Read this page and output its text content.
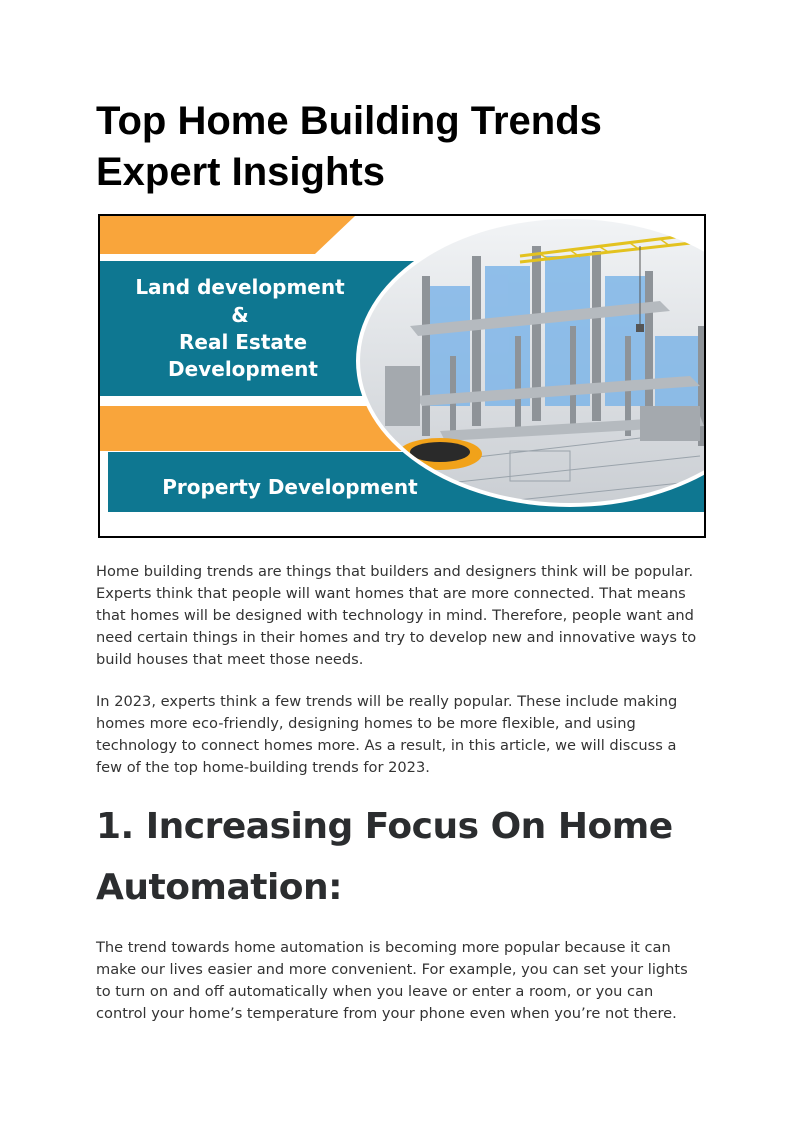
Top Home Building Trends Expert Insights
Land development
&
Real Estate
Development
Property Development

Home building trends are things that builders and designers think will be popular. Experts think that people will want homes that are more connected. That means that homes will be designed with technology in mind. Therefore, people want and need certain things in their homes and try to develop new and innovative ways to build houses that meet those needs.

In 2023, experts think a few trends will be really popular. These include making homes more eco-friendly, designing homes to be more flexible, and using technology to connect homes more. As a result, in this article, we will discuss a few of the top home-building trends for 2023.

1. Increasing Focus On Home Automation:

The trend towards home automation is becoming more popular because it can make our lives easier and more convenient. For example, you can set your lights to turn on and off automatically when you leave or enter a room, or you can control your home’s temperature from your phone even when you’re not there.
